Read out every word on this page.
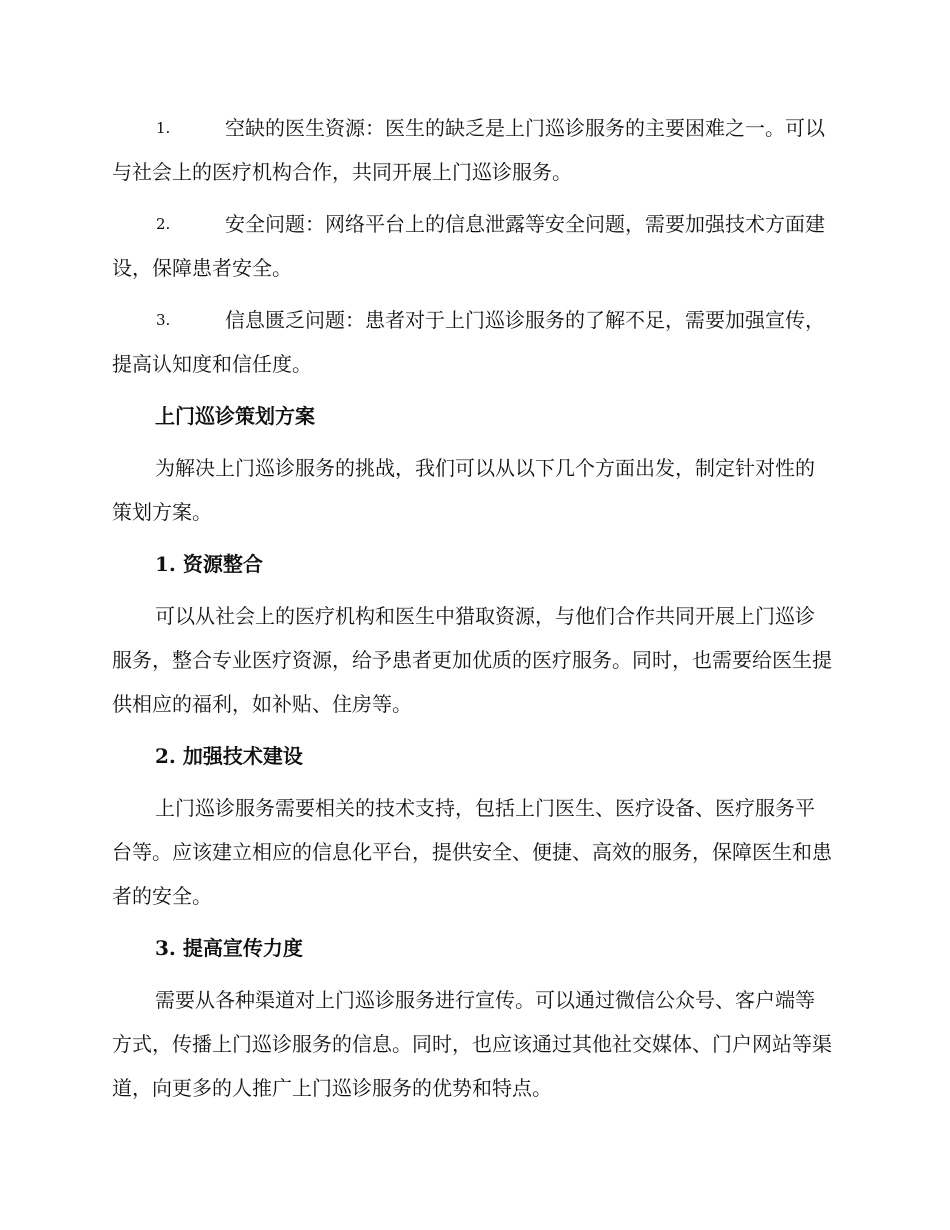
1.	空缺的医生资源：医生的缺乏是上门巡诊服务的主要困难之一。可以与社会上的医疗机构合作，共同开展上门巡诊服务。
2.	安全问题：网络平台上的信息泄露等安全问题，需要加强技术方面建设，保障患者安全。
3.	信息匮乏问题：患者对于上门巡诊服务的了解不足，需要加强宣传，提高认知度和信任度。
上门巡诊策划方案
为解决上门巡诊服务的挑战，我们可以从以下几个方面出发，制定针对性的策划方案。
1. 资源整合
可以从社会上的医疗机构和医生中猎取资源，与他们合作共同开展上门巡诊服务，整合专业医疗资源，给予患者更加优质的医疗服务。同时，也需要给医生提供相应的福利，如补贴、住房等。
2. 加强技术建设
上门巡诊服务需要相关的技术支持，包括上门医生、医疗设备、医疗服务平台等。应该建立相应的信息化平台，提供安全、便捷、高效的服务，保障医生和患者的安全。
3. 提高宣传力度
需要从各种渠道对上门巡诊服务进行宣传。可以通过微信公众号、客户端等方式，传播上门巡诊服务的信息。同时，也应该通过其他社交媒体、门户网站等渠道，向更多的人推广上门巡诊服务的优势和特点。
